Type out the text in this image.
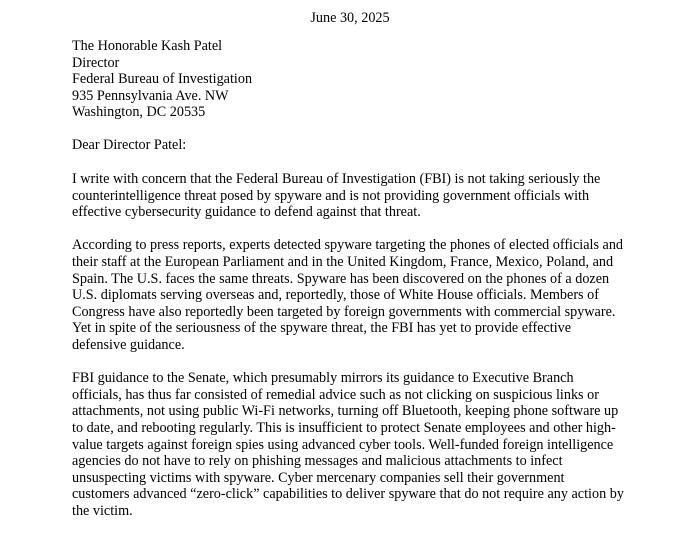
June 30, 2025
The Honorable Kash Patel
Director
Federal Bureau of Investigation
935 Pennsylvania Ave. NW
Washington, DC 20535
Dear Director Patel:

I write with concern that the Federal Bureau of Investigation (FBI) is not taking seriously the
counterintelligence threat posed by spyware and is not providing government officials with
effective cybersecurity guidance to defend against that threat.

According to press reports, experts detected spyware targeting the phones of elected officials and
their staff at the European Parliament and in the United Kingdom, France, Mexico, Poland, and
Spain. The U.S. faces the same threats. Spyware has been discovered on the phones of a dozen
U.S. diplomats serving overseas and, reportedly, those of White House officials. Members of
Congress have also reportedly been targeted by foreign governments with commercial spyware.
Yet in spite of the seriousness of the spyware threat, the FBI has yet to provide effective
defensive guidance.

FBI guidance to the Senate, which presumably mirrors its guidance to Executive Branch
officials, has thus far consisted of remedial advice such as not clicking on suspicious links or
attachments, not using public Wi-Fi networks, turning off Bluetooth, keeping phone software up
to date, and rebooting regularly. This is insufficient to protect Senate employees and other high-
value targets against foreign spies using advanced cyber tools. Well-funded foreign intelligence
agencies do not have to rely on phishing messages and malicious attachments to infect
unsuspecting victims with spyware. Cyber mercenary companies sell their government
customers advanced “zero-click” capabilities to deliver spyware that do not require any action by
the victim.
